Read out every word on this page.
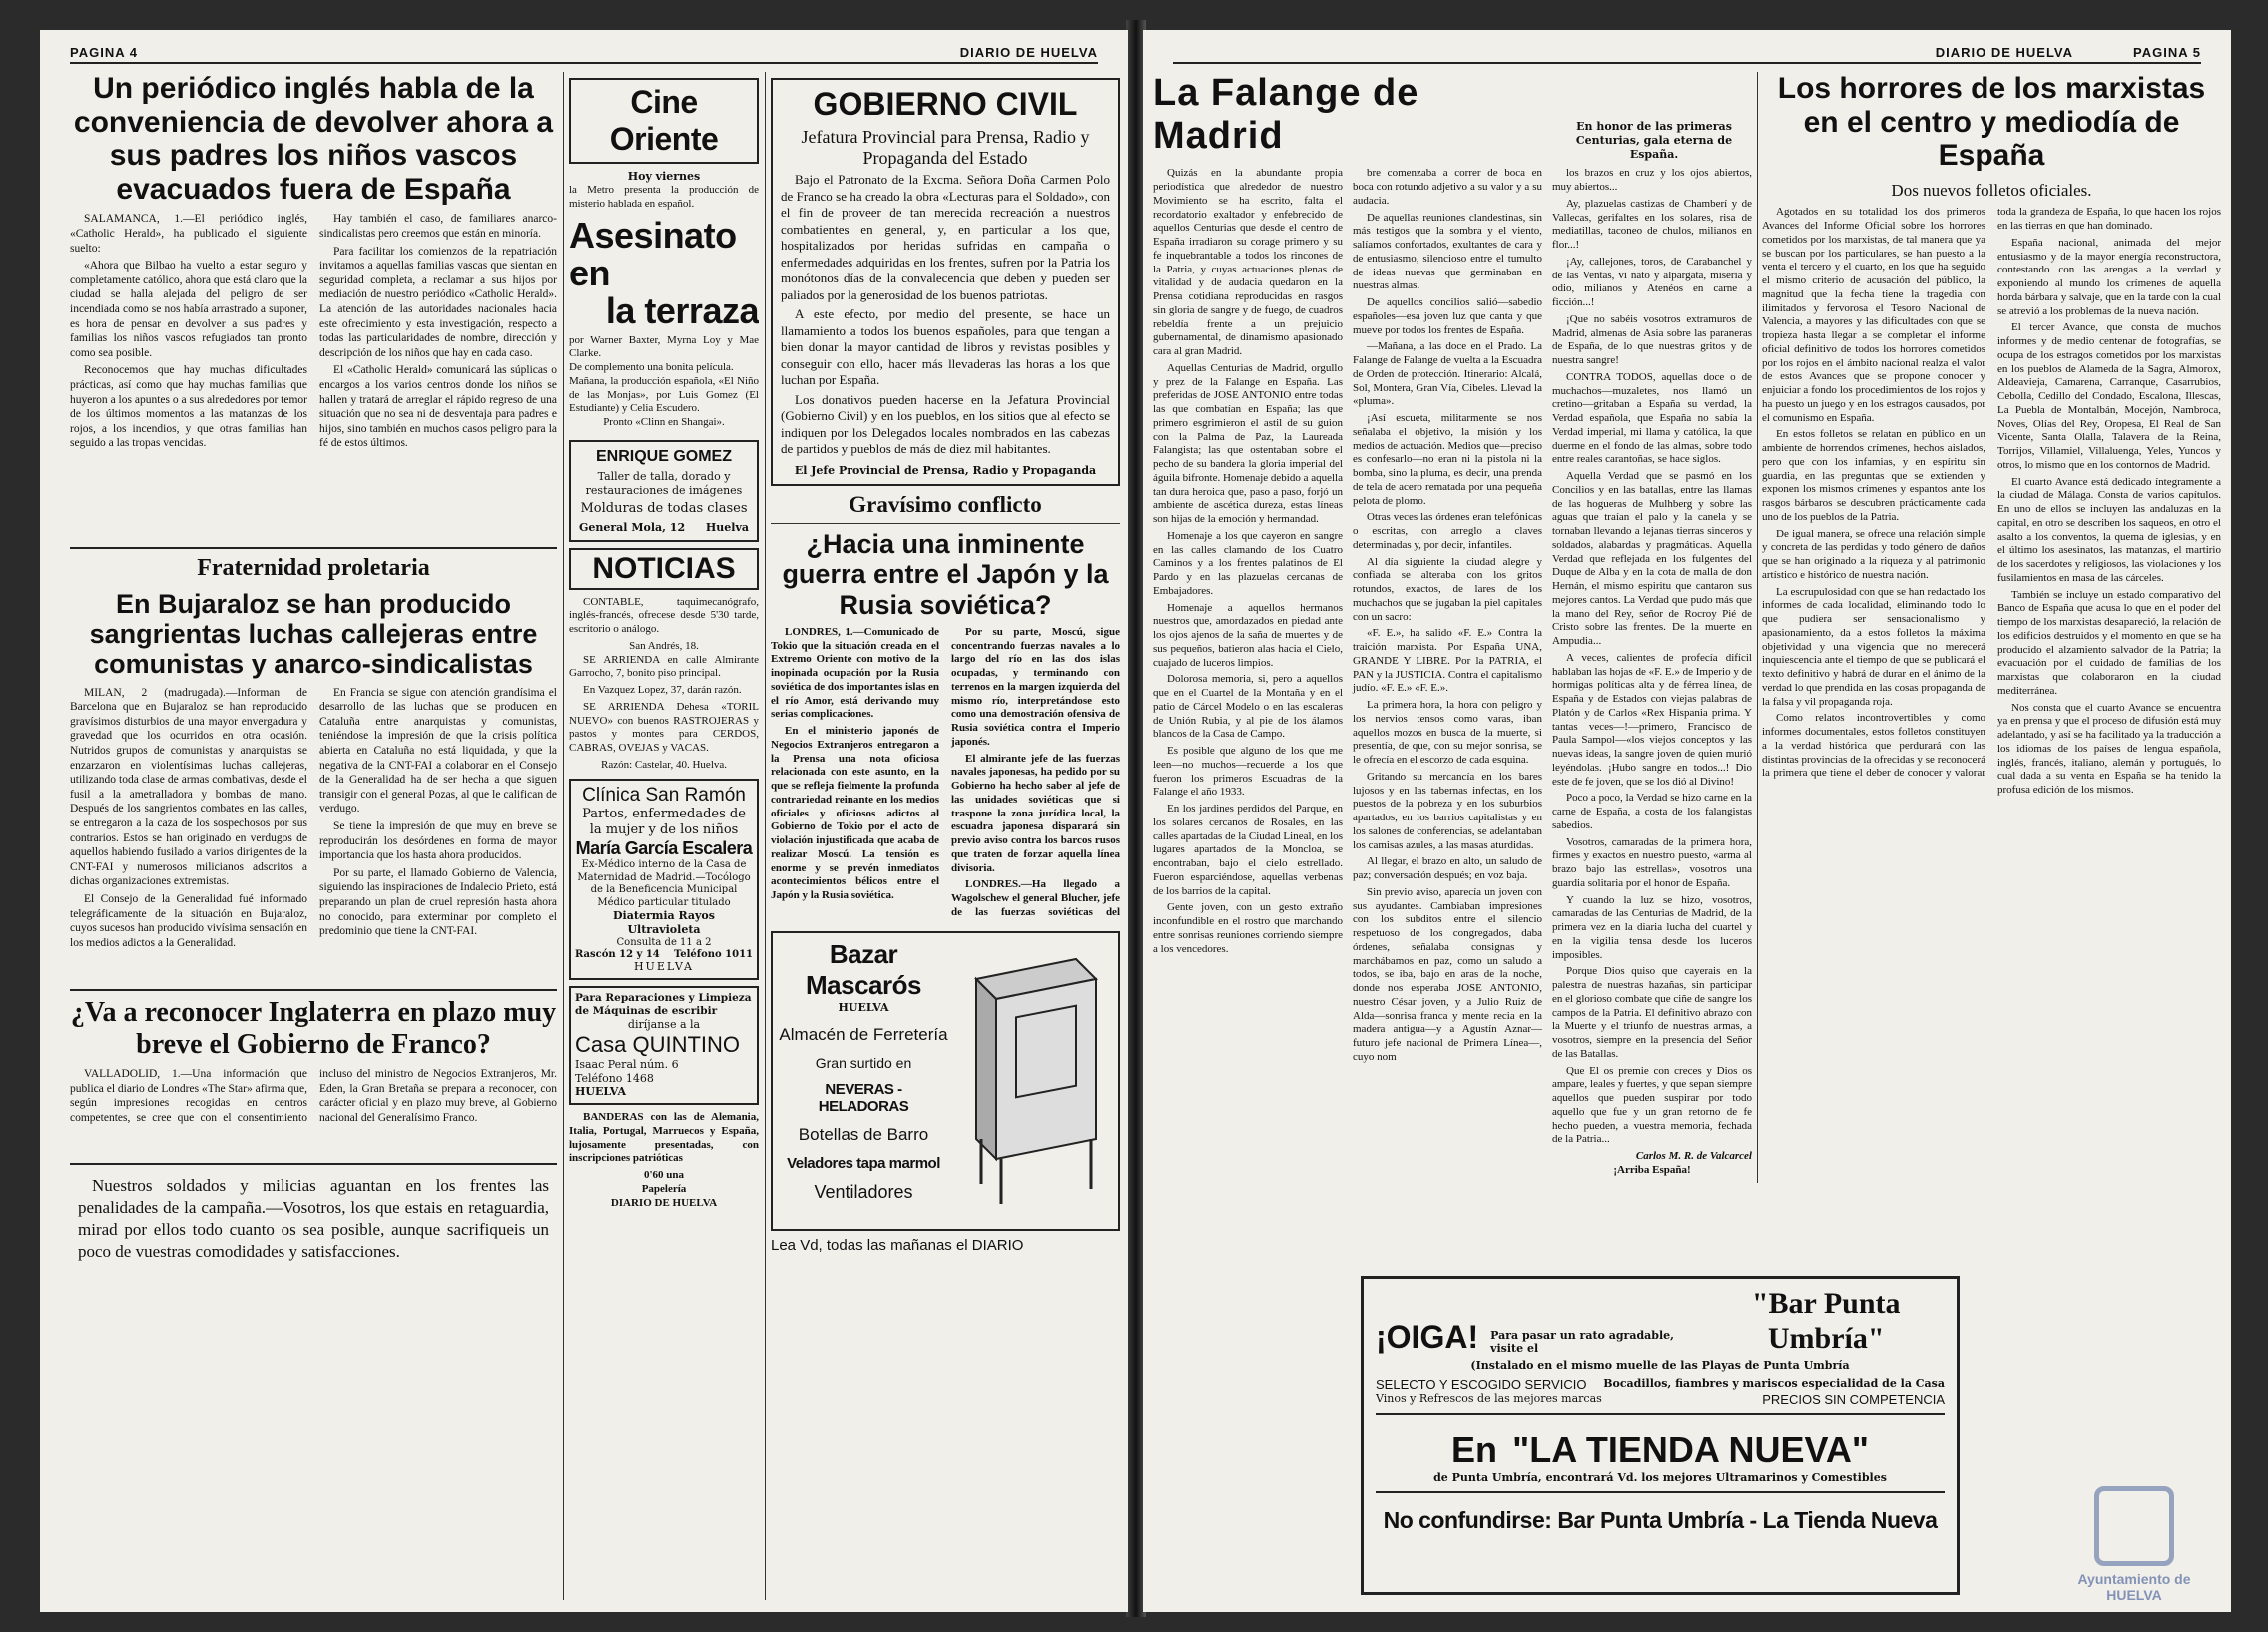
PAGINA 4	DIARIO DE HUELVA
Un periódico inglés habla de la conveniencia de devolver ahora a sus padres los niños vascos evacuados fuera de España

SALAMANCA, 1.—El periódico inglés, «Catholic Herald», ha publicado el siguiente suelto:

«Ahora que Bilbao ha vuelto a estar seguro y completamente católico, ahora que está claro que la ciudad se halla alejada del peligro de ser incendiada como se nos había arrastrado a suponer, es hora de pensar en devolver a sus padres y familias los niños vascos refugiados tan pronto como sea posible.

Reconocemos que hay muchas dificultades prácticas, así como que hay muchas familias que huyeron a los apuntes o a sus alrededores por temor de los últimos momentos a las matanzas de los rojos, a los incendios, y que otras familias han seguido a las tropas vencidas.

Hay también el caso, de familiares anarco-sindicalistas pero creemos que están en minoría.

Para facilitar los comienzos de la repatriación invitamos a aquellas familias vascas que sientan en seguridad completa, a reclamar a sus hijos por mediación de nuestro periódico «Catholic Herald». La atención de las autoridades nacionales hacia este ofrecimiento y esta investigación, respecto a todas las particularidades de nombre, dirección y descripción de los niños que hay en cada caso.

El «Catholic Herald» comunicará las súplicas o encargos a los varios centros donde los niños se hallen y tratará de arreglar el rápido regreso de una situación que no sea ni de desventaja para padres e hijos, sino también en muchos casos peligro para la fé de estos últimos.

Fraternidad proletaria
En Bujaraloz se han producido sangrientas luchas callejeras entre comunistas y anarco-sindicalistas

MILAN, 2 (madrugada).—Informan de Barcelona que en Bujaraloz se han reproducido gravísimos disturbios de una mayor envergadura y gravedad que los ocurridos en otra ocasión. Nutridos grupos de comunistas y anarquistas se enzarzaron en violentísimas luchas callejeras, utilizando toda clase de armas combativas, desde el fusil a la ametralladora y bombas de mano. Después de los sangrientos combates en las calles, se entregaron a la caza de los sospechosos por sus contrarios. Estos se han originado en verdugos de aquellos habiendo fusilado a varios dirigentes de la CNT-FAI y numerosos milicianos adscritos a dichas organizaciones extremistas.

El Consejo de la Generalidad fué informado telegráficamente de la situación en Bujaraloz, cuyos sucesos han producido vivísima sensación en los medios adictos a la Generalidad.

En Francia se sigue con atención grandísima el desarrollo de las luchas que se producen en Cataluña entre anarquistas y comunistas, teniéndose la impresión de que la crisis política abierta en Cataluña no está liquidada, y que la negativa de la CNT-FAI a colaborar en el Consejo de la Generalidad ha de ser hecha a que siguen transigir con el general Pozas, al que le califican de verdugo.

Se tiene la impresión de que muy en breve se reproducirán los desórdenes en forma de mayor importancia que los hasta ahora producidos.

Por su parte, el llamado Gobierno de Valencia, siguiendo las inspiraciones de Indalecio Prieto, está preparando un plan de cruel represión hasta ahora no conocido, para exterminar por completo el predominio que tiene la CNT-FAI.

¿Va a reconocer Inglaterra en plazo muy breve el Gobierno de Franco?

VALLADOLID, 1.—Una información que publica el diario de Londres «The Star» afirma que, según impresiones recogidas en centros competentes, se cree que con el consentimiento incluso del ministro de Negocios Extranjeros, Mr. Eden, la Gran Bretaña se prepara a reconocer, con carácter oficial y en plazo muy breve, al Gobierno nacional del Generalísimo Franco.

Nuestros soldados y milicias aguantan en los frentes las penalidades de la campaña.—Vosotros, los que estais en retaguardia, mirad por ellos todo cuanto os sea posible, aunque sacrifiqueis un poco de vuestras comodidades y satisfacciones.

Cine Oriente
Hoy viernes
la Metro presenta la producción de misterio hablada en español.
Asesinato en
la terraza
por Warner Baxter, Myrna Loy y Mae Clarke.
De complemento una bonita película.
Mañana, la producción española, «El Niño de las Monjas», por Luis Gomez (El Estudiante) y Celia Escudero.
Pronto «Clinn en Shangai».
ENRIQUE GOMEZ
Taller de talla, dorado y restauraciones de imágenes
Molduras de todas clases
General Mola, 12 Huelva
NOTICIAS

CONTABLE, taquimecanógrafo, inglés-francés, ofrecese desde 5'30 tarde, escritorio o análogo.

San Andrés, 18.

SE ARRIENDA en calle Almirante Garrocho, 7, bonito piso principal.

En Vazquez Lopez, 37, darán razón.

SE ARRIENDA Dehesa «TORIL NUEVO» con buenos RASTROJERAS y pastos y montes para CERDOS, CABRAS, OVEJAS y VACAS.

Razón: Castelar, 40. Huelva.
Clínica San Ramón
Partos, enfermedades de la mujer y de los niños
María García Escalera
Ex-Médico interno de la Casa de Maternidad de Madrid.—Tocólogo de la Beneficencia Municipal
Médico particular titulado
Diatermia Rayos Ultravioleta
Consulta de 11 a 2
Rascón 12 y 14 Teléfono 1011
HUELVA
Para Reparaciones y Limpieza de Máquinas de escribir
diríjanse a la
Casa QUINTINO
Isaac Peral núm. 6
Teléfono 1468
HUELVA

BANDERAS con las de Alemania, Italia, Portugal, Marruecos y España, lujosamente presentadas, con inscripciones patrióticas

0'60 una
Papelería
DIARIO DE HUELVA
GOBIERNO CIVIL
Jefatura Provincial para Prensa, Radio y Propaganda del Estado

Bajo el Patronato de la Excma. Señora Doña Carmen Polo de Franco se ha creado la obra «Lecturas para el Soldado», con el fin de proveer de tan merecida recreación a nuestros combatientes en general, y, en particular a los que, hospitalizados por heridas sufridas en campaña o enfermedades adquiridas en los frentes, sufren por la Patria los monótonos días de la convalecencia que deben y pueden ser paliados por la generosidad de los buenos patriotas.

A este efecto, por medio del presente, se hace un llamamiento a todos los buenos españoles, para que tengan a bien donar la mayor cantidad de libros y revistas posibles y conseguir con ello, hacer más llevaderas las horas a los que luchan por España.

Los donativos pueden hacerse en la Jefatura Provincial (Gobierno Civil) y en los pueblos, en los sitios que al efecto se indiquen por los Delegados locales nombrados en las cabezas de partidos y pueblos de más de diez mil habitantes.

El Jefe Provincial de Prensa, Radio y Propaganda
Gravísimo conflicto
¿Hacia una inminente guerra entre el Japón y la Rusia soviética?

LONDRES, 1.—Comunicado de Tokio que la situación creada en el Extremo Oriente con motivo de la inopinada ocupación por la Rusia soviética de dos importantes islas en el río Amor, está derivando muy serias complicaciones.

En el ministerio japonés de Negocios Extranjeros entregaron a la Prensa una nota oficiosa relacionada con este asunto, en la que se refleja fielmente la profunda contrariedad reinante en los medios oficiales y oficiosos adictos al Gobierno de Tokio por el acto de violación injustificada que acaba de realizar Moscú. La tensión es enorme y se prevén inmediatos acontecimientos bélicos entre el Japón y la Rusia soviética.

Por su parte, Moscú, sigue concentrando fuerzas navales a lo largo del río en las dos islas ocupadas, y terminando con terrenos en la margen izquierda del mismo río, interpretándose esto como una demostración ofensiva de Rusia soviética contra el Imperio japonés.

El almirante jefe de las fuerzas navales japonesas, ha pedido por su Gobierno ha hecho saber al jefe de las unidades soviéticas que si traspone la zona jurídica local, la escuadra japonesa disparará sin previo aviso contra los barcos rusos que traten de forzar aquella línea divisoria.

LONDRES.—Ha llegado a Wagolschew el general Blucher, jefe de las fuerzas soviéticas del

Bazar Mascarós
HUELVA
Almacén de Ferretería
Gran surtido en
NEVERAS - HELADORAS
Botellas de Barro
Veladores tapa marmol
Ventiladores
Lea Vd, todas las mañanas el DIARIO
DIARIO DE HUELVA	PAGINA 5
La Falange de Madrid	En honor de las primeras Centurias, gala eterna de España.

Quizás en la abundante propia periodística que alrededor de nuestro Movimiento se ha escrito, falta el recordatorio exaltador y enfebrecido de aquellos Centurias que desde el centro de España irradiaron su corage primero y su fe inquebrantable a todos los rincones de la Patria, y cuyas actuaciones plenas de vitalidad y de audacia quedaron en la Prensa cotidiana reproducidas en rasgos sin gloria de sangre y de fuego, de cuadros rebeldía frente a un prejuicio gubernamental, de dinamismo apasionado cara al gran Madrid.

Aquellas Centurias de Madrid, orgullo y prez de la Falange en España. Las preferidas de JOSE ANTONIO entre todas las que combatían en España; las que primero esgrimieron el astil de su guion con la Palma de Paz, la Laureada Falangista; las que ostentaban sobre el pecho de su bandera la gloria imperial del águila bifronte. Homenaje debido a aquella tan dura heroica que, paso a paso, forjó un ambiente de ascética dureza, estas líneas son hijas de la emoción y hermandad.

Homenaje a los que cayeron en sangre en las calles clamando de los Cuatro Caminos y a los frentes palatinos de El Pardo y en las plazuelas cercanas de Embajadores.

Homenaje a aquellos hermanos nuestros que, amordazados en piedad ante los ojos ajenos de la saña de muertes y de sus pequeños, batieron alas hacia el Cielo, cuajado de luceros limpios.

Dolorosa memoria, si, pero a aquellos que en el Cuartel de la Montaña y en el patio de Cárcel Modelo o en las escaleras de Unión Rubia, y al pie de los álamos blancos de la Casa de Campo.

Es posible que alguno de los que me leen—no muchos—recuerde a los que fueron los primeros Escuadras de la Falange el año 1933.

En los jardines perdidos del Parque, en los solares cercanos de Rosales, en las calles apartadas de la Ciudad Lineal, en los lugares apartados de la Moncloa, se encontraban, bajo el cielo estrellado. Fueron esparciéndose, aquellas verbenas de los barrios de la capital.

Gente joven, con un gesto extraño inconfundible en el rostro que marchando entre sonrisas reuniones corriendo siempre a los vencedores.

bre comenzaba a correr de boca en boca con rotundo adjetivo a su valor y a su audacia.

De aquellas reuniones clandestinas, sin más testigos que la sombra y el viento, salíamos confortados, exultantes de cara y de entusiasmo, silencioso entre el tumulto de ideas nuevas que germinaban en nuestras almas.

De aquellos concilios salió—sabedio españoles—esa joven luz que canta y que mueve por todos los frentes de España.

—Mañana, a las doce en el Prado. La Falange de Falange de vuelta a la Escuadra de Orden de protección. Itinerario: Alcalá, Sol, Montera, Gran Vía, Cibeles. Llevad la «pluma».

¡Así escueta, militarmente se nos señalaba el objetivo, la misión y los medios de actuación. Medios que—preciso es confesarlo—no eran ni la pistola ni la bomba, sino la pluma, es decir, una prenda de tela de acero rematada por una pequeña pelota de plomo.

Otras veces las órdenes eran telefónicas o escritas, con arreglo a claves determinadas y, por decir, infantiles.

Al día siguiente la ciudad alegre y confiada se alteraba con los gritos rotundos, exactos, de lares de los muchachos que se jugaban la piel capitales con un sacro:

«F. E.», ha salido «F. E.» Contra la traición marxista. Por España UNA, GRANDE Y LIBRE. Por la PATRIA, el PAN y la JUSTICIA. Contra el capitalismo judío. «F. E.» «F. E.».

La primera hora, la hora con peligro y los nervios tensos como varas, iban aquellos mozos en busca de la muerte, si presentía, de que, con su mejor sonrisa, se le ofrecía en el escorzo de cada esquina.

Gritando su mercancía en los bares lujosos y en las tabernas infectas, en los puestos de la pobreza y en los suburbios apartados, en los barrios capitalistas y en los salones de conferencias, se adelantaban los camisas azules, a las masas aturdidas.

Al llegar, el brazo en alto, un saludo de paz; conversación después; en voz baja.

Sin previo aviso, aparecía un joven con sus ayudantes. Cambiaban impresiones con los subditos entre el silencio respetuoso de los congregados, daba órdenes, señalaba consignas y marchábamos en paz, como un saludo a todos, se iba, bajo en aras de la noche, donde nos esperaba JOSE ANTONIO, nuestro César joven, y a Julio Ruiz de Alda—sonrisa franca y mente recia en la madera antigua—y a Agustín Aznar—futuro jefe nacional de Primera Línea—, cuyo nom

los brazos en cruz y los ojos abiertos, muy abiertos...

Ay, plazuelas castizas de Chamberí y de Vallecas, gerifaltes en los solares, risa de mediatillas, taconeo de chulos, milianos en flor...!

¡Ay, callejones, toros, de Carabanchel y de las Ventas, vi nato y alpargata, miseria y odio, milianos y Atenéos en carne a ficción...!

¡Que no sabéis vosotros extramuros de Madrid, almenas de Asia sobre las paraneras de España, de lo que nuestras gritos y de nuestra sangre!

CONTRA TODOS, aquellas doce o de muchachos—muzaletes, nos llamó un cretino—gritaban a España su verdad, la Verdad española, que España no sabía la Verdad imperial, mi llama y católica, la que duerme en el fondo de las almas, sobre todo entre reales carantoñas, se hace siglos.

Aquella Verdad que se pasmó en los Concilios y en las batallas, entre las llamas de las hogueras de Mulhberg y sobre las aguas que traían el palo y la canela y se tornaban llevando a lejanas tierras sinceros y soldados, alabardas y pragmáticas. Aquella Verdad que reflejada en los fulgentes del Duque de Alba y en la cota de malla de don Hernán, el mismo espiritu que cantaron sus mejores cantos. La Verdad que pudo más que la mano del Rey, señor de Rocroy Pié de Cristo sobre las frentes. De la muerte en Ampudia...

A veces, calientes de profecía difícil hablaban las hojas de «F. E.» de Imperio y de hormigas políticas alta y de férrea línea, de España y de Estados con viejas palabras de Platón y de Carlos «Rex Hispania prima. Y tantas veces—!—primero, Francisco de Paula Sampol—«los viejos conceptos y las nuevas ideas, la sangre joven de quien murió leyéndolas. ¡Hubo sangre en todos...! Dio este de fe joven, que se los dió al Divino!

Poco a poco, la Verdad se hizo carne en la carne de España, a costa de los falangistas sabedios.

Vosotros, camaradas de la primera hora, firmes y exactos en nuestro puesto, «arma al brazo bajo las estrellas», vosotros una guardia solitaria por el honor de España.

Y cuando la luz se hizo, vosotros, camaradas de las Centurias de Madrid, de la primera vez en la diaria lucha del cuartel y en la vigilia tensa desde los luceros imposibles.

Porque Dios quiso que cayerais en la palestra de nuestras hazañas, sin participar en el glorioso combate que ciñe de sangre los campos de la Patria. El definitivo abrazo con la Muerte y el triunfo de nuestras armas, a vosotros, siempre en la presencia del Señor de las Batallas.

Que El os premie con creces y Dios os ampare, leales y fuertes, y que sepan siempre aquellos que pueden suspirar por todo aquello que fue y un gran retorno de fe hecho pueden, a vuestra memoria, fechada de la Patria...

Carlos M. R. de Valcarcel
¡Arriba España!
Los horrores de los marxistas en el centro y mediodía de España
Dos nuevos folletos oficiales.

Agotados en su totalidad los dos primeros Avances del Informe Oficial sobre los horrores cometidos por los marxistas, de tal manera que ya se buscan por los particulares, se han puesto a la venta el tercero y el cuarto, en los que ha seguido el mismo criterio de acusación del público, la magnitud que la fecha tiene la tragedia con ilimitados y fervorosa el Tesoro Nacional de Valencia, a mayores y las dificultades con que se tropieza hasta llegar a se completar el informe oficial definitivo de todos los horrores cometidos por los rojos en el ámbito nacional realza el valor de estos Avances que se propone conocer y enjuiciar a fondo los procedimientos de los rojos y ha puesto un juego y en los estragos causados, por el comunismo en España.

En estos folletos se relatan en público en un ambiente de horrendos crímenes, hechos aislados, pero que con los infamias, y en espíritu sin guardia, en las preguntas que se extienden y exponen los mismos crímenes y espantos ante los rasgos bárbaros se descubren prácticamente cada uno de los pueblos de la Patria.

De igual manera, se ofrece una relación simple y concreta de las perdidas y todo género de daños que se han originado a la riqueza y al patrimonio artístico e histórico de nuestra nación.

La escrupulosidad con que se han redactado los informes de cada localidad, eliminando todo lo que pudiera ser sensacionalismo y apasionamiento, da a estos folletos la máxima objetividad y una vigencia que no merecerá inquiescencia ante el tiempo de que se publicará el texto definitivo y habrá de durar en el ánimo de la verdad lo que prendida en las cosas propaganda de la falsa y vil propaganda roja.

Como relatos incontrovertibles y como informes documentales, estos folletos constituyen a la verdad histórica que perdurará con las distintas provincias de la ofrecidas y se reconocerá la primera que tiene el deber de conocer y valorar toda la grandeza de España, lo que hacen los rojos en las tierras en que han dominado.

España nacional, animada del mejor entusiasmo y de la mayor energía reconstructora, contestando con las arengas a la verdad y exponiendo al mundo los crímenes de aquella horda bárbara y salvaje, que en la tarde con la cual se atrevió a los problemas de la nueva nación.

El tercer Avance, que consta de muchos informes y de medio centenar de fotografías, se ocupa de los estragos cometidos por los marxistas en los pueblos de Alameda de la Sagra, Almorox, Aldeavieja, Camarena, Carranque, Casarrubios, Cebolla, Cedillo del Condado, Escalona, Illescas, La Puebla de Montalbán, Mocejón, Nambroca, Noves, Olías del Rey, Oropesa, El Real de San Vicente, Santa Olalla, Talavera de la Reina, Torrijos, Villamiel, Villaluenga, Yeles, Yuncos y otros, lo mismo que en los contornos de Madrid.

El cuarto Avance está dedicado íntegramente a la ciudad de Málaga. Consta de varios capítulos. En uno de ellos se incluyen las andaluzas en la capital, en otro se describen los saqueos, en otro el asalto a los conventos, la quema de iglesias, y en el último los asesinatos, las matanzas, el martirio de los sacerdotes y religiosos, las violaciones y los fusilamientos en masa de las cárceles.

También se incluye un estado comparativo del Banco de España que acusa lo que en el poder del tiempo de los marxistas desapareció, la relación de los edificios destruidos y el momento en que se ha producido el alzamiento salvador de la Patria; la evacuación por el cuidado de familias de los marxistas que colaboraron en la ciudad mediterránea.

Nos consta que el cuarto Avance se encuentra ya en prensa y que el proceso de difusión está muy adelantado, y así se ha facilitado ya la traducción a los idiomas de los países de lengua española, inglés, francés, italiano, alemán y portugués, lo cual dada a su venta en España se ha tenido la profusa edición de los mismos.

¡OIGA! Para pasar un rato agradable, visite el
"Bar Punta Umbría"
(Instalado en el mismo muelle de las Playas de Punta Umbría
SELECTO Y ESCOGIDO SERVICIO Bocadillos, fiambres y mariscos especialidad de la Casa
Vinos y Refrescos de las mejores marcas	PRECIOS SIN COMPETENCIA
En "LA TIENDA NUEVA"
de Punta Umbría, encontrará Vd. los mejores Ultramarinos y Comestibles
No confundirse: Bar Punta Umbría - La Tienda Nueva
Ayuntamiento de HUELVA
